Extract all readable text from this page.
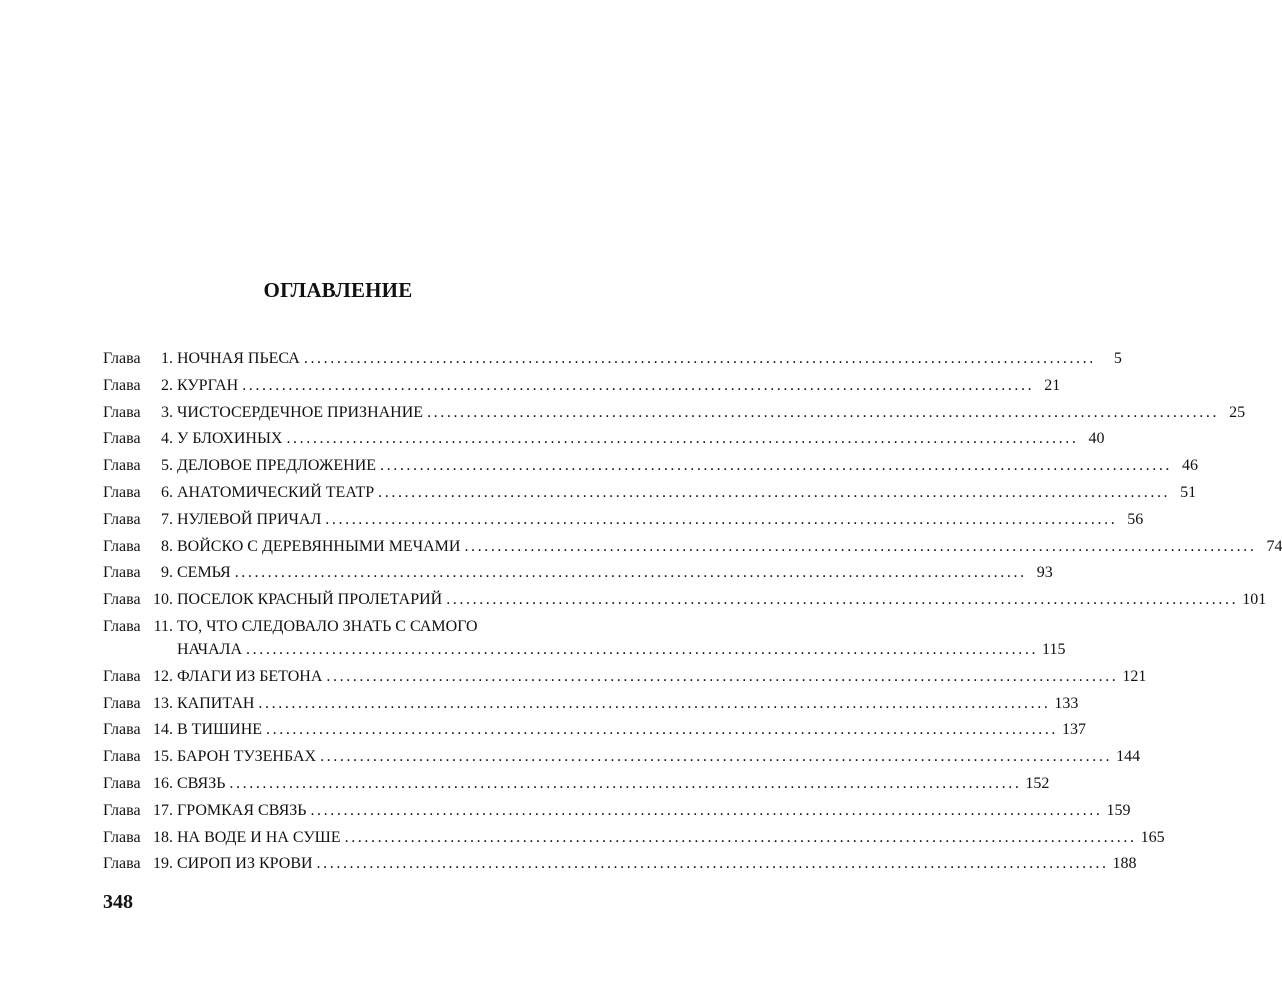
ОГЛАВЛЕНИЕ
Глава 1. НОЧНАЯ ПЬЕСА ........................................................................................................................	5
Глава 2. КУРГАН ........................................................................................................................ 21
Глава 3. ЧИСТОСЕРДЕЧНОЕ ПРИЗНАНИЕ ........................................................................................................................ 25
Глава 4. У БЛОХИНЫХ ........................................................................................................................ 40
Глава 5. ДЕЛОВОЕ ПРЕДЛОЖЕНИЕ ........................................................................................................................ 46
Глава 6. АНАТОМИЧЕСКИЙ ТЕАТР ........................................................................................................................ 51
Глава 7. НУЛЕВОЙ ПРИЧАЛ ........................................................................................................................ 56
Глава 8. ВОЙСКО С ДЕРЕВЯННЫМИ МЕЧАМИ ........................................................................................................................ 74
Глава 9. СЕМЬЯ ........................................................................................................................ 93
Глава 10. ПОСЕЛОК КРАСНЫЙ ПРОЛЕТАРИЙ ........................................................................................................................ 101
Глава 11. ТО, ЧТО СЛЕДОВАЛО ЗНАТЬ С САМОГО
НАЧАЛА ........................................................................................................................ 115
Глава 12. ФЛАГИ ИЗ БЕТОНА ........................................................................................................................ 121
Глава 13. КАПИТАН ........................................................................................................................ 133
Глава 14. В ТИШИНЕ ........................................................................................................................ 137
Глава 15. БАРОН ТУЗЕНБАХ ........................................................................................................................ 144
Глава 16. СВЯЗЬ ........................................................................................................................ 152
Глава 17. ГРОМКАЯ СВЯЗЬ ........................................................................................................................ 159
Глава 18. НА ВОДЕ И НА СУШЕ ........................................................................................................................ 165
Глава 19. СИРОП ИЗ КРОВИ ........................................................................................................................ 188
348
